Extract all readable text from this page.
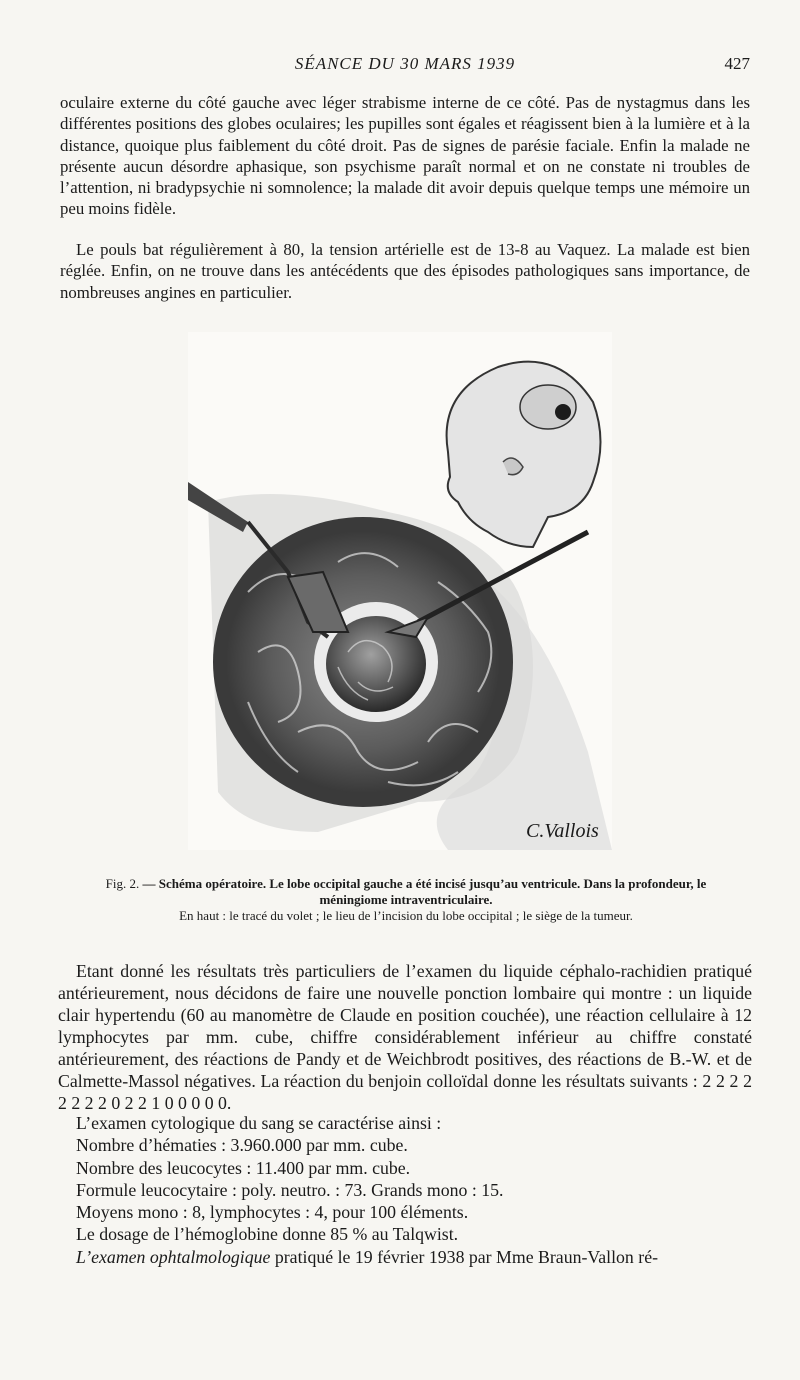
SÉANCE DU 30 MARS 1939	427

oculaire externe du côté gauche avec léger strabisme interne de ce côté. Pas de nystagmus dans les différentes positions des globes oculaires; les pupilles sont égales et réagissent bien à la lumière et à la distance, quoique plus faiblement du côté droit. Pas de signes de parésie faciale. Enfin la malade ne présente aucun désordre aphasique, son psychisme paraît normal et on ne constate ni troubles de l’attention, ni bradypsychie ni somnolence; la malade dit avoir depuis quelque temps une mémoire un peu moins fidèle.

Le pouls bat régulièrement à 80, la tension artérielle est de 13-8 au Vaquez. La malade est bien réglée. Enfin, on ne trouve dans les antécédents que des épisodes pathologiques sans importance, de nombreuses angines en particulier.

C.Vallois

Fig. 2. — Schéma opératoire. Le lobe occipital gauche a été incisé jusqu’au ventricule. Dans la profondeur, le méningiome intraventriculaire.
En haut : le tracé du volet ; le lieu de l’incision du lobe occipital ; le siège de la tumeur.

Etant donné les résultats très particuliers de l’examen du liquide céphalo-rachidien pratiqué antérieurement, nous décidons de faire une nouvelle ponction lombaire qui montre : un liquide clair hypertendu (60 au manomètre de Claude en position couchée), une réaction cellulaire à 12 lymphocytes par mm. cube, chiffre considérablement inférieur au chiffre constaté antérieurement, des réactions de Pandy et de Weichbrodt positives, des réactions de B.-W. et de Calmette-Massol négatives. La réaction du benjoin colloïdal donne les résultats suivants : 2 2 2 2 2 2 2 2 0 2 2 1 0 0 0 0 0.

L’examen cytologique du sang se caractérise ainsi :
Nombre d’hématies : 3.960.000 par mm. cube.
Nombre des leucocytes : 11.400 par mm. cube.
Formule leucocytaire : poly. neutro. : 73. Grands mono : 15.
Moyens mono : 8, lymphocytes : 4, pour 100 éléments.
Le dosage de l’hémoglobine donne 85 % au Talqwist.
L’examen ophtalmologique pratiqué le 19 février 1938 par Mme Braun-Vallon ré-
